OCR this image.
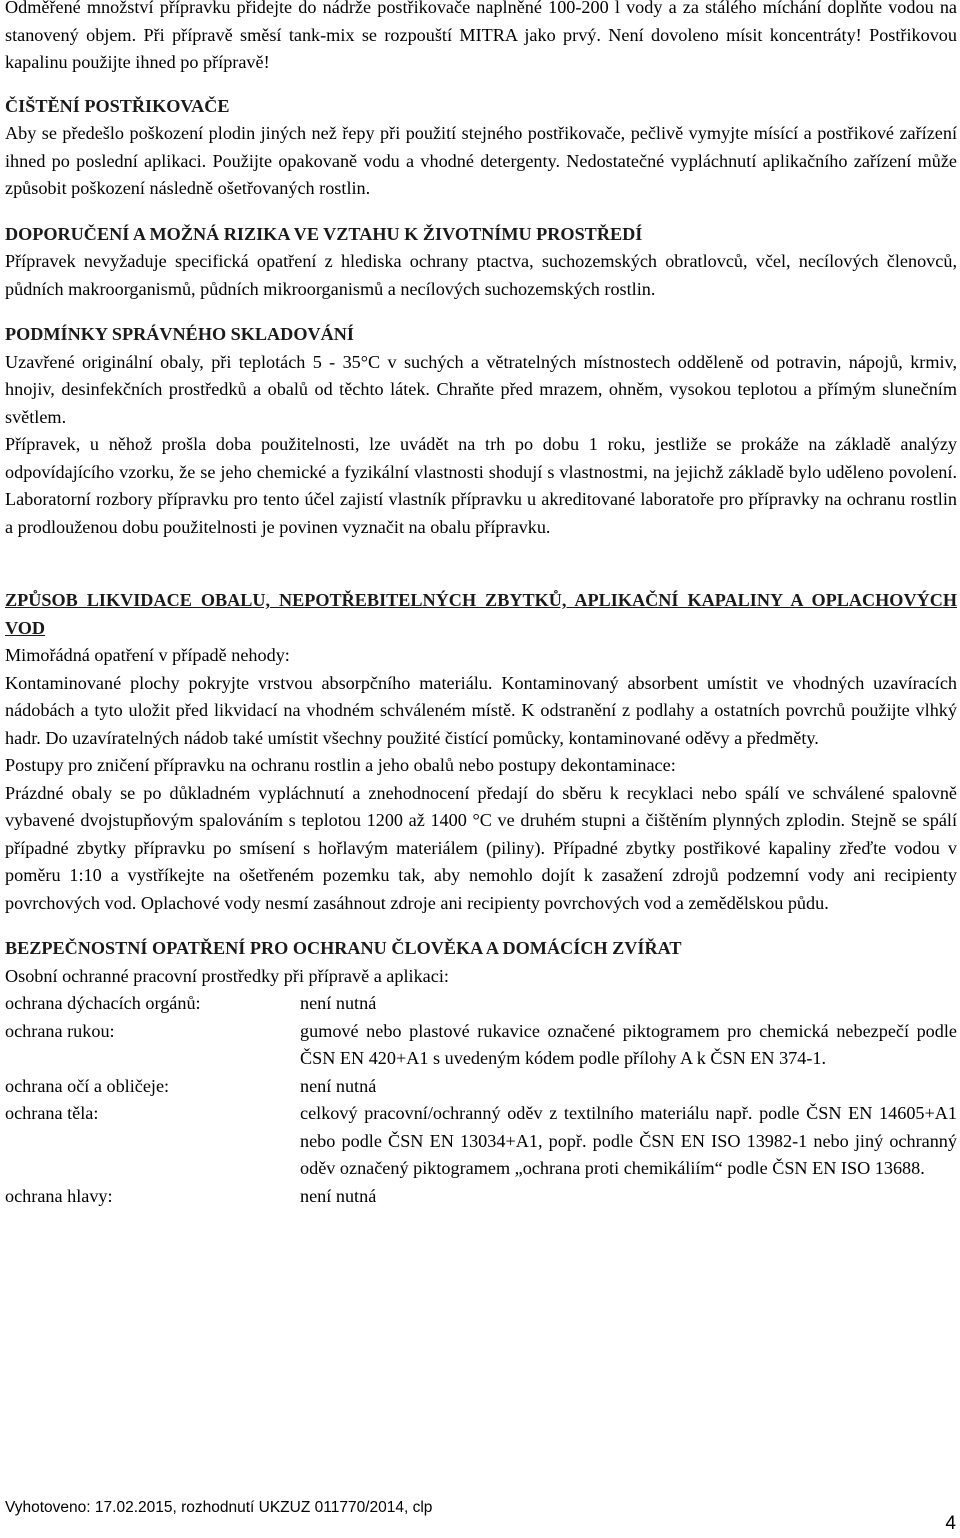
Odměřené množství přípravku přidejte do nádrže postřikovače naplněné 100-200 l vody a za stálého míchání doplňte vodou na stanovený objem. Při přípravě směsí tank-mix se rozpouští MITRA jako prvý. Není dovoleno mísit koncentráty! Postřikovou kapalinu použijte ihned po přípravě!

ČIŠTĚNÍ POSTŘIKOVAČE

Aby se předešlo poškození plodin jiných než řepy při použití stejného postřikovače, pečlivě vymyjte mísící a postřikové zařízení ihned po poslední aplikaci. Použijte opakovaně vodu a vhodné detergenty. Nedostatečné vypláchnutí aplikačního zařízení může způsobit poškození následně ošetřovaných rostlin.

DOPORUČENÍ A MOŽNÁ RIZIKA VE VZTAHU K ŽIVOTNÍMU PROSTŘEDÍ

Přípravek nevyžaduje specifická opatření z hlediska ochrany ptactva, suchozemských obratlovců, včel, necílových členovců, půdních makroorganismů, půdních mikroorganismů a necílových suchozemských rostlin.

PODMÍNKY SPRÁVNÉHO SKLADOVÁNÍ

Uzavřené originální obaly, při teplotách 5 - 35°C v suchých a větratelných místnostech odděleně od potravin, nápojů, krmiv, hnojiv, desinfekčních prostředků a obalů od těchto látek. Chraňte před mrazem, ohněm, vysokou teplotou a přímým slunečním světlem.

Přípravek, u něhož prošla doba použitelnosti, lze uvádět na trh po dobu 1 roku, jestliže se prokáže na základě analýzy odpovídajícího vzorku, že se jeho chemické a fyzikální vlastnosti shodují s vlastnostmi, na jejichž základě bylo uděleno povolení. Laboratorní rozbory přípravku pro tento účel zajistí vlastník přípravku u akreditované laboratoře pro přípravky na ochranu rostlin a prodlouženou dobu použitelnosti je povinen vyznačit na obalu přípravku.

ZPŮSOB LIKVIDACE OBALU, NEPOTŘEBITELNÝCH ZBYTKŮ, APLIKAČNÍ KAPALINY A OPLACHOVÝCH VOD

Mimořádná opatření v případě nehody:

Kontaminované plochy pokryjte vrstvou absorpčního materiálu. Kontaminovaný absorbent umístit ve vhodných uzavíracích nádobách a tyto uložit před likvidací na vhodném schváleném místě. K odstranění z podlahy a ostatních povrchů použijte vlhký hadr. Do uzavíratelných nádob také umístit všechny použité čistící pomůcky, kontaminované oděvy a předměty.

Postupy pro zničení přípravku na ochranu rostlin a jeho obalů nebo postupy dekontaminace:

Prázdné obaly se po důkladném vypláchnutí a znehodnocení předají do sběru k recyklaci nebo spálí ve schválené spalovně vybavené dvojstupňovým spalováním s teplotou 1200 až 1400 °C ve druhém stupni a čištěním plynných zplodin. Stejně se spálí případné zbytky přípravku po smísení s hořlavým materiálem (piliny). Případné zbytky postřikové kapaliny zřeďte vodou v poměru 1:10 a vystříkejte na ošetřeném pozemku tak, aby nemohlo dojít k zasažení zdrojů podzemní vody ani recipienty povrchových vod. Oplachové vody nesmí zasáhnout zdroje ani recipienty povrchových vod a zemědělskou půdu.

BEZPEČNOSTNÍ OPATŘENÍ PRO OCHRANU ČLOVĚKA A DOMÁCÍCH ZVÍŘAT

Osobní ochranné pracovní prostředky při přípravě a aplikaci:

ochrana dýchacích orgánů:	není nutná
ochrana rukou:	gumové nebo plastové rukavice označené piktogramem pro chemická nebezpečí podle ČSN EN 420+A1 s uvedeným kódem podle přílohy A k ČSN EN 374-1.
ochrana očí a obličeje:	není nutná
ochrana těla:	celkový pracovní/ochranný oděv z textilního materiálu např. podle ČSN EN 14605+A1 nebo podle ČSN EN 13034+A1, popř. podle ČSN EN ISO 13982-1 nebo jiný ochranný oděv označený piktogramem „ochrana proti chemikáliím“ podle ČSN EN ISO 13688.
ochrana hlavy:	není nutná
Vyhotoveno: 17.02.2015, rozhodnutí UKZUZ 011770/2014, clp
4
